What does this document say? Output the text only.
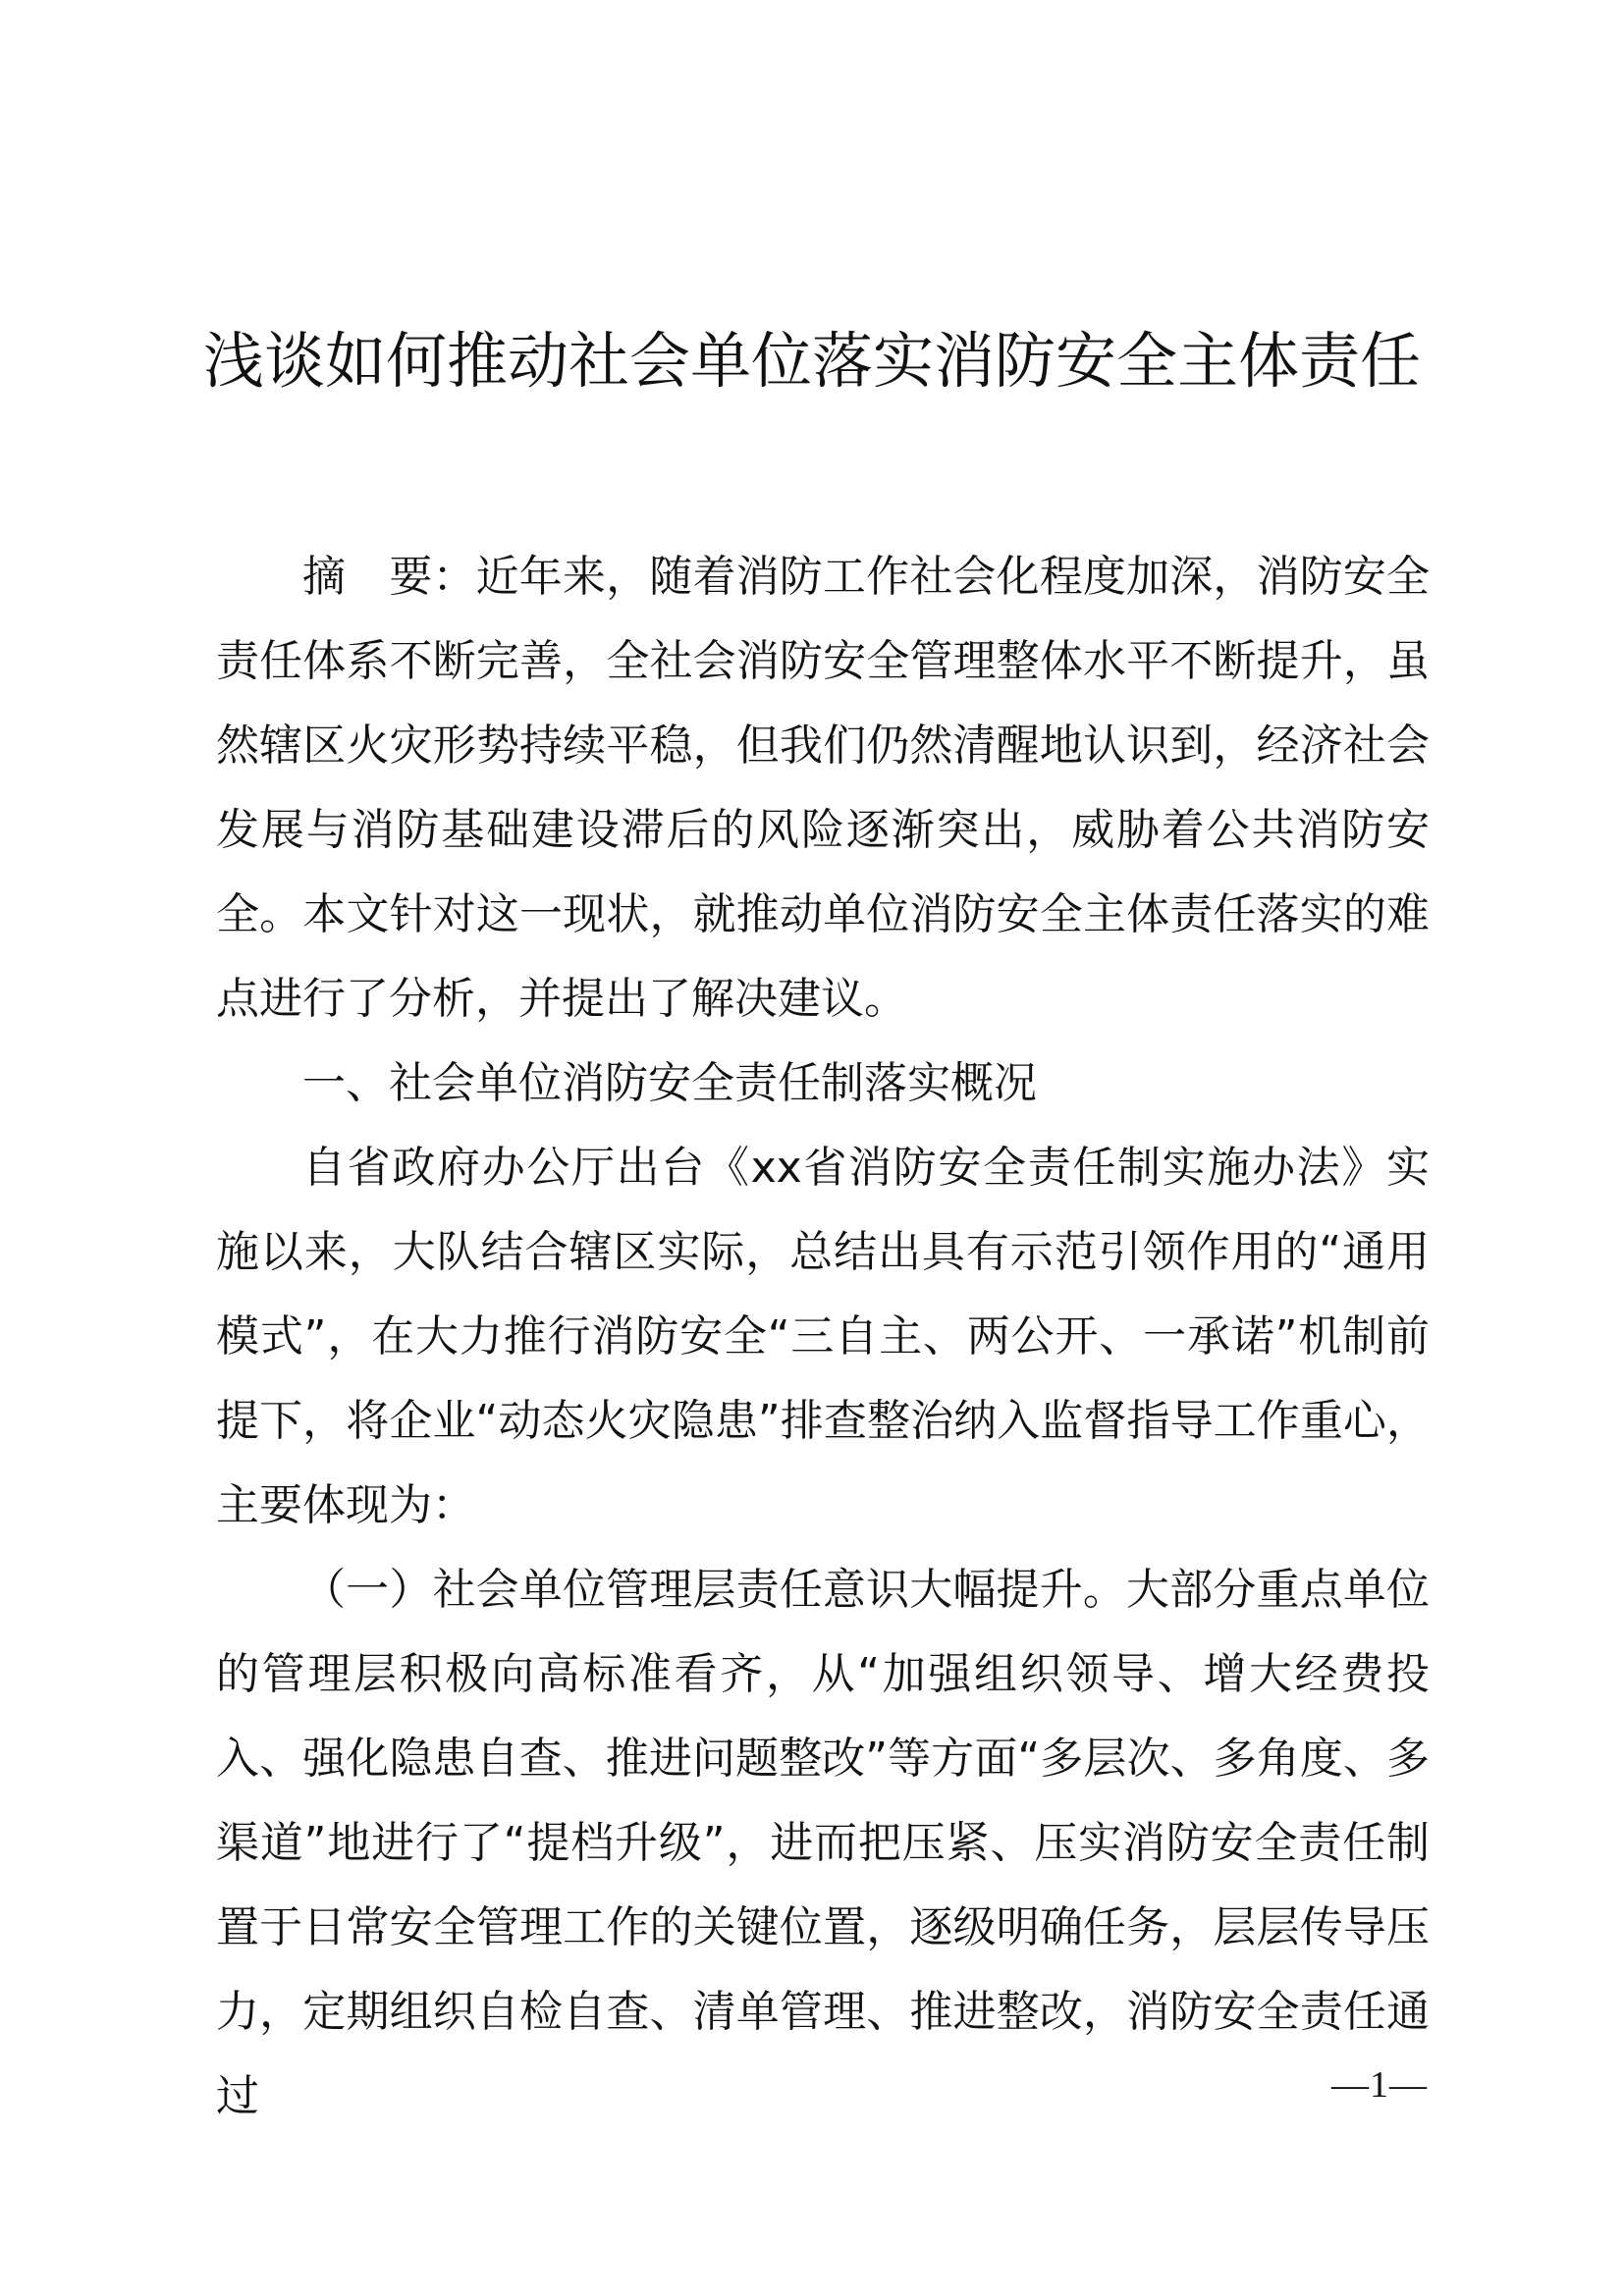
浅谈如何推动社会单位落实消防安全主体责任

摘　要：近年来，随着消防工作社会化程度加深，消防安全责任体系不断完善，全社会消防安全管理整体水平不断提升，虽然辖区火灾形势持续平稳，但我们仍然清醒地认识到，经济社会发展与消防基础建设滞后的风险逐渐突出，威胁着公共消防安全。本文针对这一现状，就推动单位消防安全主体责任落实的难点进行了分析，并提出了解决建议。

一、社会单位消防安全责任制落实概况

自省政府办公厅出台《xx省消防安全责任制实施办法》实施以来，大队结合辖区实际，总结出具有示范引领作用的“通用模式”，在大力推行消防安全“三自主、两公开、一承诺”机制前提下，将企业“动态火灾隐患”排查整治纳入监督指导工作重心，主要体现为：

（一）社会单位管理层责任意识大幅提升。大部分重点单位的管理层积极向高标准看齐，从“加强组织领导、增大经费投入、强化隐患自查、推进问题整改”等方面“多层次、多角度、多渠道”地进行了“提档升级”，进而把压紧、压实消防安全责任制置于日常安全管理工作的关键位置，逐级明确任务，层层传导压力，定期组织自检自查、清单管理、推进整改，消防安全责任通过	—1—
